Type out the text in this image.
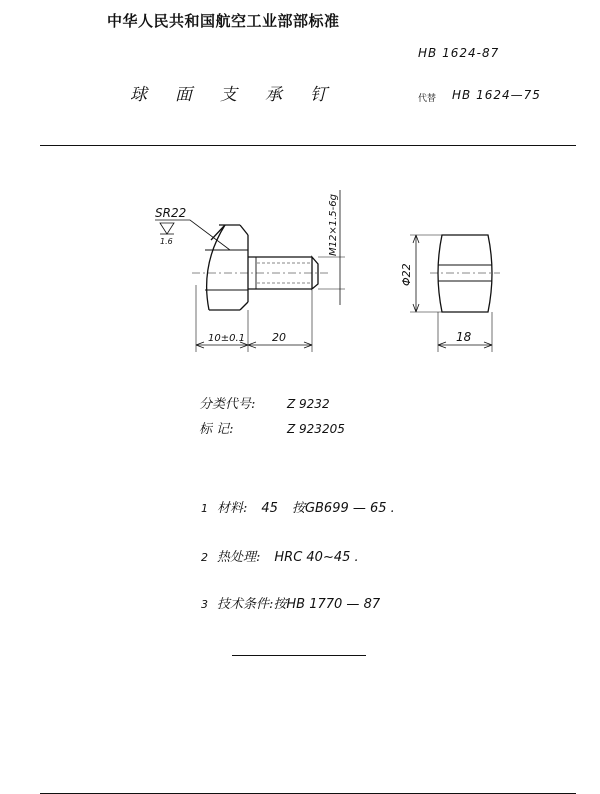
中华人民共和国航空工业部部标准
HB 1624-87
球 面 支 承 钉	代替 HB 1624—75
SR22
1.6	M12×1.5-6g
10±0.1 20
Φ22
18
分类代号:	Z 9232
标 记:	Z 923205
1 材料: 45 按GB699 — 65 .
2 热处理: HRC 40~45 .
3 技术条件:按HB 1770 — 87
